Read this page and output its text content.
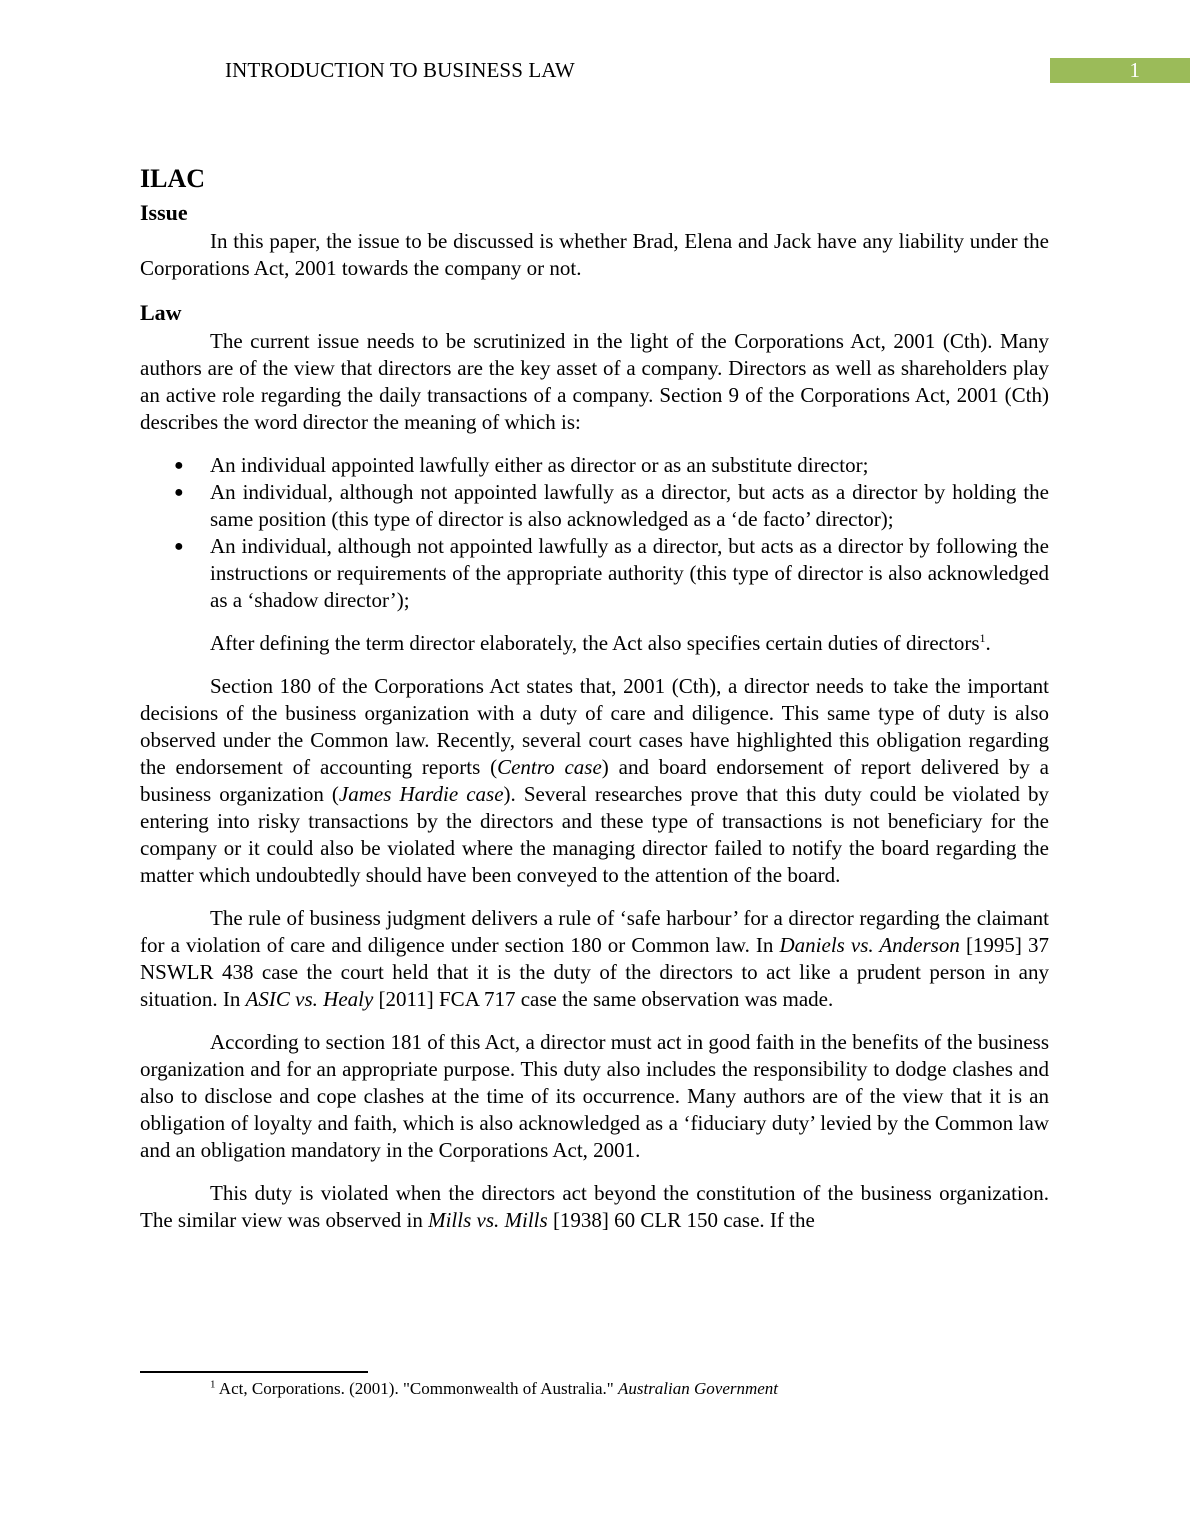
INTRODUCTION TO BUSINESS LAW	1
ILAC
Issue

In this paper, the issue to be discussed is whether Brad, Elena and Jack have any liability under the Corporations Act, 2001 towards the company or not.

Law

The current issue needs to be scrutinized in the light of the Corporations Act, 2001 (Cth). Many authors are of the view that directors are the key asset of a company. Directors as well as shareholders play an active role regarding the daily transactions of a company. Section 9 of the Corporations Act, 2001 (Cth) describes the word director the meaning of which is:

● An individual appointed lawfully either as director or as an substitute director;
● An individual, although not appointed lawfully as a director, but acts as a director by holding the same position (this type of director is also acknowledged as a ‘de facto’ director);
● An individual, although not appointed lawfully as a director, but acts as a director by following the instructions or requirements of the appropriate authority (this type of director is also acknowledged as a ‘shadow director’);

After defining the term director elaborately, the Act also specifies certain duties of directors$^1$.

Section 180 of the Corporations Act states that, 2001 (Cth), a director needs to take the important decisions of the business organization with a duty of care and diligence. This same type of duty is also observed under the Common law. Recently, several court cases have highlighted this obligation regarding the endorsement of accounting reports (Centro case) and board endorsement of report delivered by a business organization (James Hardie case). Several researches prove that this duty could be violated by entering into risky transactions by the directors and these type of transactions is not beneficiary for the company or it could also be violated where the managing director failed to notify the board regarding the matter which undoubtedly should have been conveyed to the attention of the board.

The rule of business judgment delivers a rule of ‘safe harbour’ for a director regarding the claimant for a violation of care and diligence under section 180 or Common law. In Daniels vs. Anderson [1995] 37 NSWLR 438 case the court held that it is the duty of the directors to act like a prudent person in any situation. In ASIC vs. Healy [2011] FCA 717 case the same observation was made.

According to section 181 of this Act, a director must act in good faith in the benefits of the business organization and for an appropriate purpose. This duty also includes the responsibility to dodge clashes and also to disclose and cope clashes at the time of its occurrence. Many authors are of the view that it is an obligation of loyalty and faith, which is also acknowledged as a ‘fiduciary duty’ levied by the Common law and an obligation mandatory in the Corporations Act, 2001.

This duty is violated when the directors act beyond the constitution of the business organization. The similar view was observed in Mills vs. Mills [1938] 60 CLR 150 case. If the

$^1$ Act, Corporations. (2001). "Commonwealth of Australia." Australian Government
